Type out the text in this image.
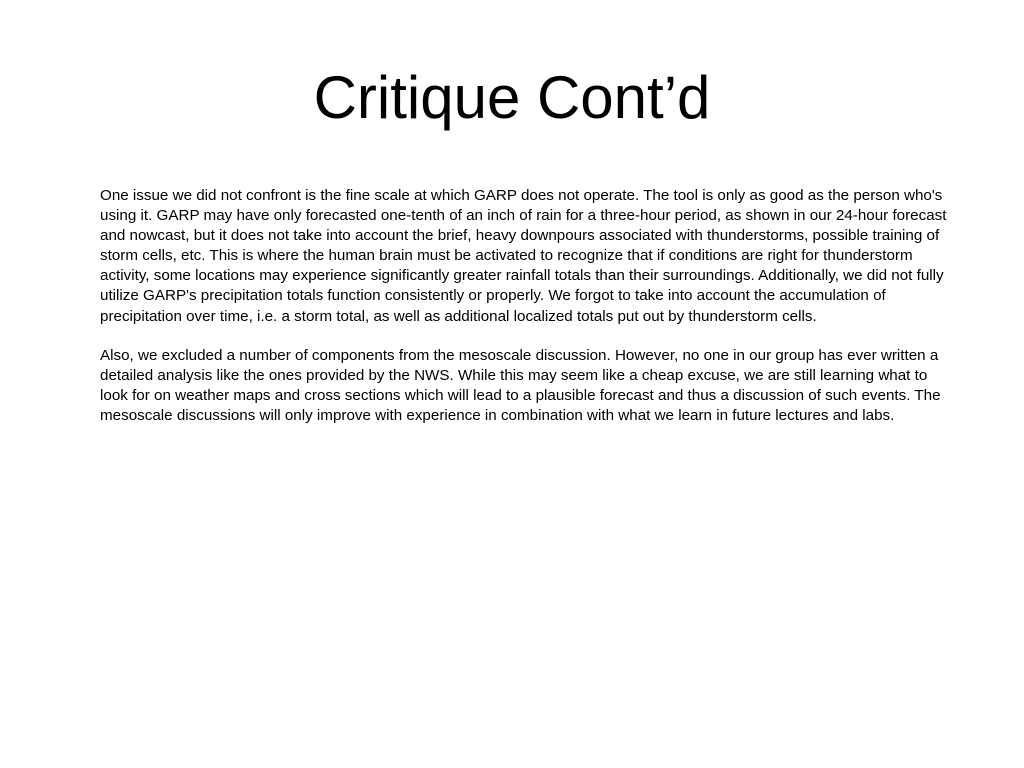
Critique Cont’d

One issue we did not confront is the fine scale at which GARP does not operate. The tool is only as good as the person who's using it. GARP may have only forecasted one-tenth of an inch of rain for a three-hour period, as shown in our 24-hour forecast and nowcast, but it does not take into account the brief, heavy downpours associated with thunderstorms, possible training of storm cells, etc. This is where the human brain must be activated to recognize that if conditions are right for thunderstorm activity, some locations may experience significantly greater rainfall totals than their surroundings. Additionally, we did not fully utilize GARP's precipitation totals function consistently or properly. We forgot to take into account the accumulation of precipitation over time, i.e. a storm total, as well as additional localized totals put out by thunderstorm cells.

Also, we excluded a number of components from the mesoscale discussion. However, no one in our group has ever written a detailed analysis like the ones provided by the NWS. While this may seem like a cheap excuse, we are still learning what to look for on weather maps and cross sections which will lead to a plausible forecast and thus a discussion of such events. The mesoscale discussions will only improve with experience in combination with what we learn in future lectures and labs.
